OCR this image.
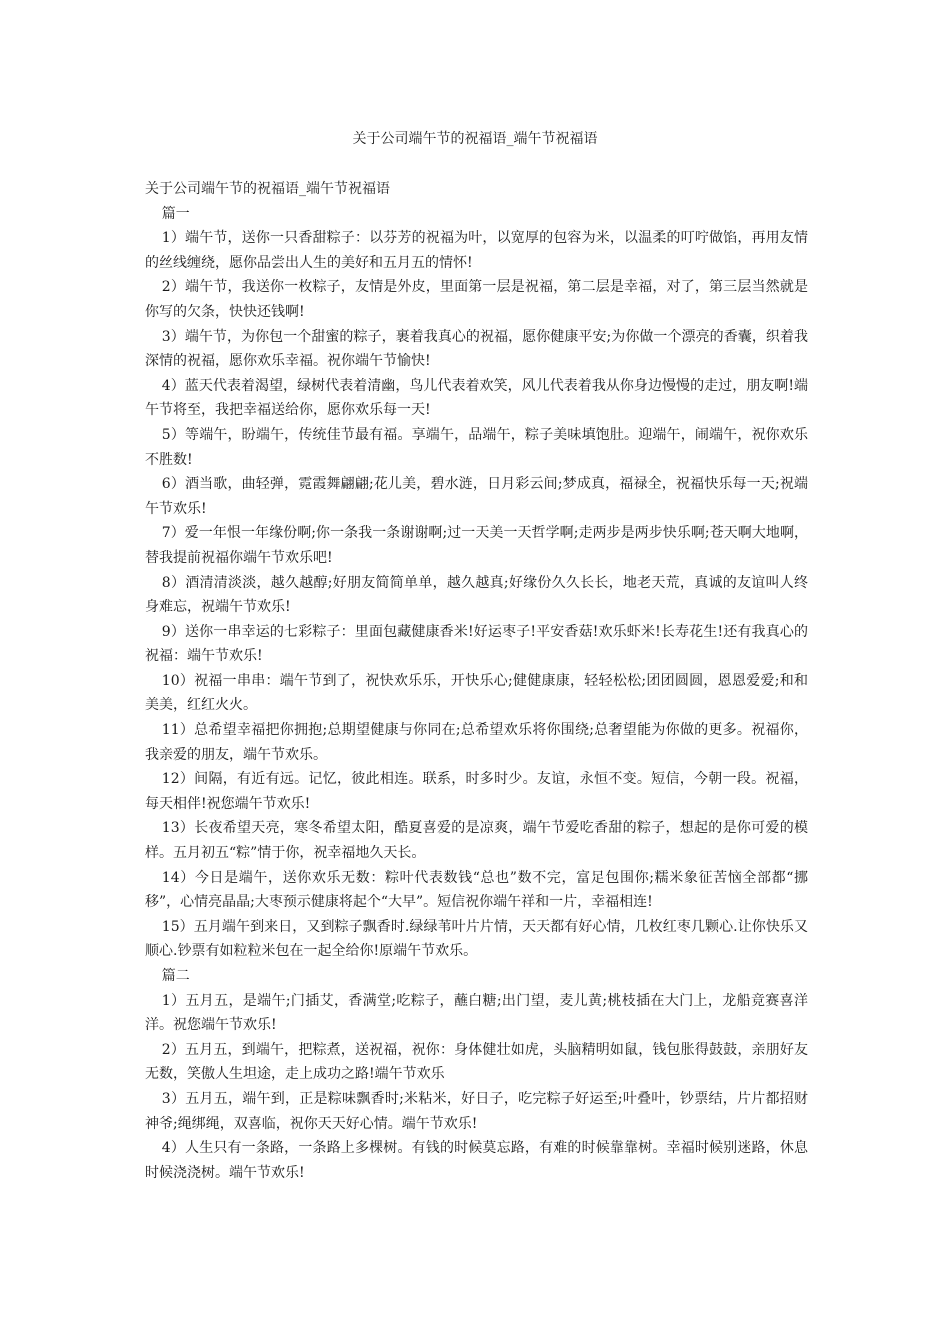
关于公司端午节的祝福语_端午节祝福语

关于公司端午节的祝福语_端午节祝福语

篇一

1）端午节，送你一只香甜粽子：以芬芳的祝福为叶，以宽厚的包容为米，以温柔的叮咛做馅，再用友情的丝线缠绕，愿你品尝出人生的美好和五月五的情怀!

2）端午节，我送你一枚粽子，友情是外皮，里面第一层是祝福，第二层是幸福，对了，第三层当然就是你写的欠条，快快还钱啊!

3）端午节，为你包一个甜蜜的粽子，裹着我真心的祝福，愿你健康平安;为你做一个漂亮的香囊，织着我深情的祝福，愿你欢乐幸福。祝你端午节愉快!

4）蓝天代表着渴望，绿树代表着清幽，鸟儿代表着欢笑，风儿代表着我从你身边慢慢的走过，朋友啊!端午节将至，我把幸福送给你，愿你欢乐每一天!

5）等端午，盼端午，传统佳节最有福。享端午，品端午，粽子美味填饱肚。迎端午，闹端午，祝你欢乐不胜数!

6）酒当歌，曲轻弹，霓霞舞翩翩;花儿美，碧水涟，日月彩云间;梦成真，福禄全，祝福快乐每一天;祝端午节欢乐!

7）爱一年恨一年缘份啊;你一条我一条谢谢啊;过一天美一天哲学啊;走两步是两步快乐啊;苍天啊大地啊，替我提前祝福你端午节欢乐吧!

8）酒清清淡淡，越久越醇;好朋友简简单单，越久越真;好缘份久久长长，地老天荒，真诚的友谊叫人终身难忘，祝端午节欢乐!

9）送你一串幸运的七彩粽子：里面包藏健康香米!好运枣子!平安香菇!欢乐虾米!长寿花生!还有我真心的祝福：端午节欢乐!

10）祝福一串串：端午节到了，祝快欢乐乐，开快乐心;健健康康，轻轻松松;团团圆圆，恩恩爱爱;和和美美，红红火火。

11）总希望幸福把你拥抱;总期望健康与你同在;总希望欢乐将你围绕;总奢望能为你做的更多。祝福你，我亲爱的朋友，端午节欢乐。

12）间隔，有近有远。记忆，彼此相连。联系，时多时少。友谊，永恒不变。短信，今朝一段。祝福，每天相伴!祝您端午节欢乐!

13）长夜希望天亮，寒冬希望太阳，酷夏喜爱的是凉爽，端午节爱吃香甜的粽子，想起的是你可爱的模样。五月初五“粽”情于你，祝幸福地久天长。

14）今日是端午，送你欢乐无数：粽叶代表数钱“总也”数不完，富足包围你;糯米象征苦恼全部都“挪移”，心情亮晶晶;大枣预示健康将起个“大早”。短信祝你端午祥和一片，幸福相连!

15）五月端午到来日，又到粽子飘香时.绿绿苇叶片片情，天天都有好心情，几枚红枣几颗心.让你快乐又顺心.钞票有如粒粒米包在一起全给你!原端午节欢乐。

篇二

1）五月五，是端午;门插艾，香满堂;吃粽子，蘸白糖;出门望，麦儿黄;桃枝插在大门上，龙船竞赛喜洋洋。祝您端午节欢乐!

2）五月五，到端午，把粽煮，送祝福，祝你：身体健壮如虎，头脑精明如鼠，钱包胀得鼓鼓，亲朋好友无数，笑傲人生坦途，走上成功之路!端午节欢乐

3）五月五，端午到，正是粽味飘香时;米粘米，好日子，吃完粽子好运至;叶叠叶，钞票结，片片都招财神爷;绳绑绳，双喜临，祝你天天好心情。端午节欢乐!

4）人生只有一条路，一条路上多棵树。有钱的时候莫忘路，有难的时候靠靠树。幸福时候别迷路，休息时候浇浇树。端午节欢乐!
